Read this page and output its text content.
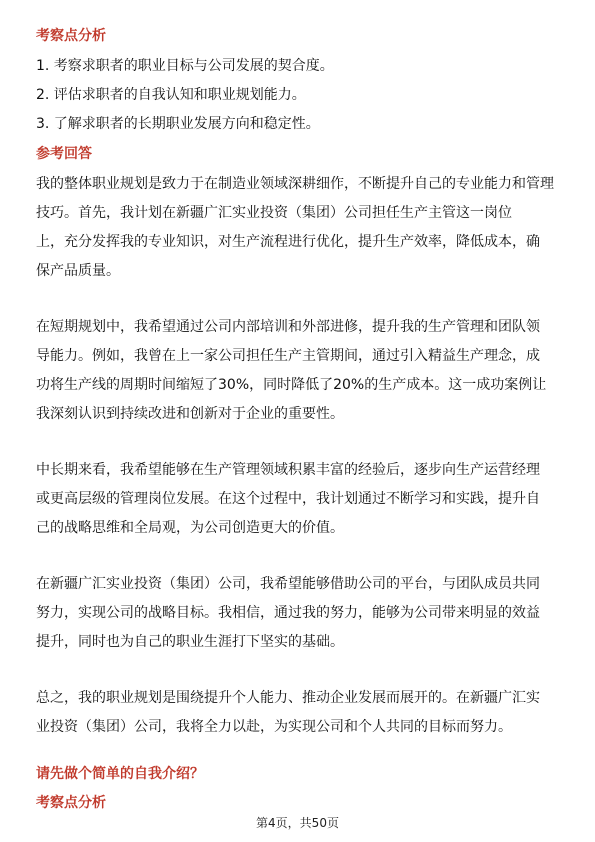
考察点分析
1. 考察求职者的职业目标与公司发展的契合度。
2. 评估求职者的自我认知和职业规划能力。
3. 了解求职者的长期职业发展方向和稳定性。
参考回答
我的整体职业规划是致力于在制造业领域深耕细作，不断提升自己的专业能力和管理
技巧。首先，我计划在新疆广汇实业投资（集团）公司担任生产主管这一岗位
上，充分发挥我的专业知识，对生产流程进行优化，提升生产效率，降低成本，确
保产品质量。
在短期规划中，我希望通过公司内部培训和外部进修，提升我的生产管理和团队领
导能力。例如，我曾在上一家公司担任生产主管期间，通过引入精益生产理念，成
功将生产线的周期时间缩短了30%，同时降低了20%的生产成本。这一成功案例让
我深刻认识到持续改进和创新对于企业的重要性。
中长期来看，我希望能够在生产管理领域积累丰富的经验后，逐步向生产运营经理
或更高层级的管理岗位发展。在这个过程中，我计划通过不断学习和实践，提升自
己的战略思维和全局观，为公司创造更大的价值。
在新疆广汇实业投资（集团）公司，我希望能够借助公司的平台，与团队成员共同
努力，实现公司的战略目标。我相信，通过我的努力，能够为公司带来明显的效益
提升，同时也为自己的职业生涯打下坚实的基础。
总之，我的职业规划是围绕提升个人能力、推动企业发展而展开的。在新疆广汇实
业投资（集团）公司，我将全力以赴，为实现公司和个人共同的目标而努力。
请先做个简单的自我介绍？
考察点分析
第4页，共50页
